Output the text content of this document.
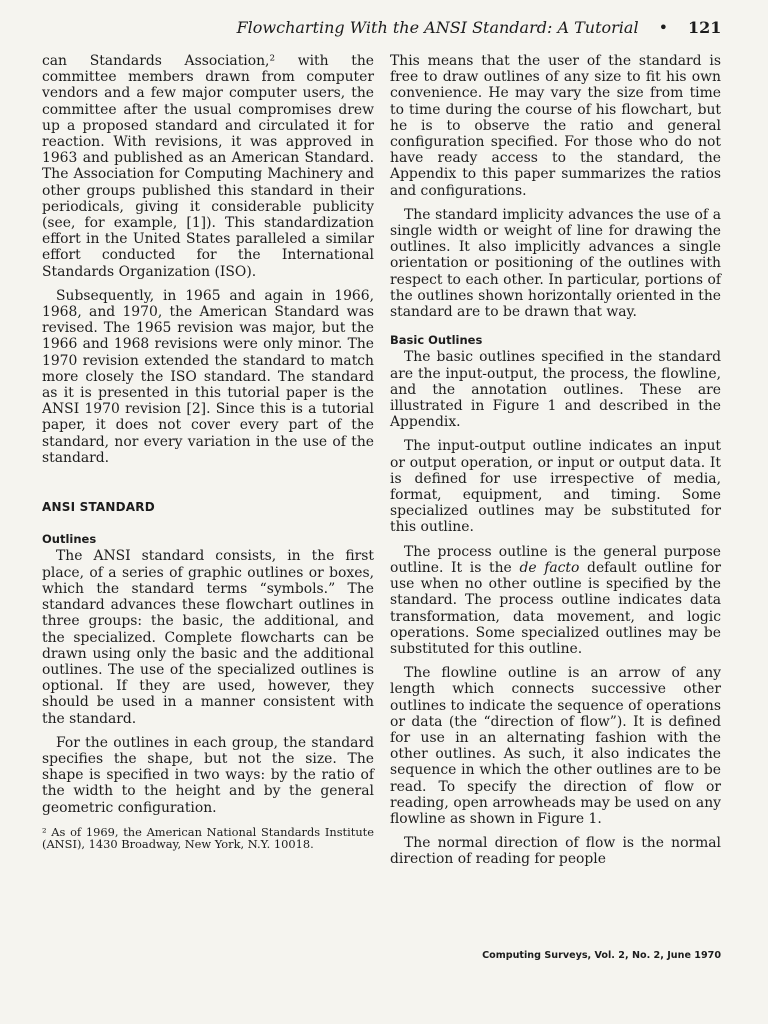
Flowcharting With the ANSI Standard: A Tutorial • 121

can Standards Association,² with the committee members drawn from computer vendors and a few major computer users, the committee after the usual compromises drew up a proposed standard and circulated it for reaction. With revisions, it was approved in 1963 and published as an American Standard. The Association for Computing Machinery and other groups published this standard in their periodicals, giving it considerable publicity (see, for example, [1]). This standardization effort in the United States paralleled a similar effort conducted for the International Standards Organization (ISO).

Subsequently, in 1965 and again in 1966, 1968, and 1970, the American Standard was revised. The 1965 revision was major, but the 1966 and 1968 revisions were only minor. The 1970 revision extended the standard to match more closely the ISO standard. The standard as it is presented in this tutorial paper is the ANSI 1970 revision [2]. Since this is a tutorial paper, it does not cover every part of the standard, nor every variation in the use of the standard.

ANSI STANDARD
Outlines

The ANSI standard consists, in the first place, of a series of graphic outlines or boxes, which the standard terms “symbols.” The standard advances these flowchart outlines in three groups: the basic, the additional, and the specialized. Complete flowcharts can be drawn using only the basic and the additional outlines. The use of the specialized outlines is optional. If they are used, however, they should be used in a manner consistent with the standard.

For the outlines in each group, the standard specifies the shape, but not the size. The shape is specified in two ways: by the ratio of the width to the height and by the general geometric configuration.

² As of 1969, the American National Standards Institute (ANSI), 1430 Broadway, New York, N.Y. 10018.

This means that the user of the standard is free to draw outlines of any size to fit his own convenience. He may vary the size from time to time during the course of his flowchart, but he is to observe the ratio and general configuration specified. For those who do not have ready access to the standard, the Appendix to this paper summarizes the ratios and configurations.

The standard implicity advances the use of a single width or weight of line for drawing the outlines. It also implicitly advances a single orientation or positioning of the outlines with respect to each other. In particular, portions of the outlines shown horizontally oriented in the standard are to be drawn that way.

Basic Outlines

The basic outlines specified in the standard are the input-output, the process, the flowline, and the annotation outlines. These are illustrated in Figure 1 and described in the Appendix.

The input-output outline indicates an input or output operation, or input or output data. It is defined for use irrespective of media, format, equipment, and timing. Some specialized outlines may be substituted for this outline.

The process outline is the general purpose outline. It is the de facto default outline for use when no other outline is specified by the standard. The process outline indicates data transformation, data movement, and logic operations. Some specialized outlines may be substituted for this outline.

The flowline outline is an arrow of any length which connects successive other outlines to indicate the sequence of operations or data (the “direction of flow”). It is defined for use in an alternating fashion with the other outlines. As such, it also indicates the sequence in which the other outlines are to be read. To specify the direction of flow or reading, open arrowheads may be used on any flowline as shown in Figure 1.

The normal direction of flow is the normal direction of reading for people

Computing Surveys, Vol. 2, No. 2, June 1970
